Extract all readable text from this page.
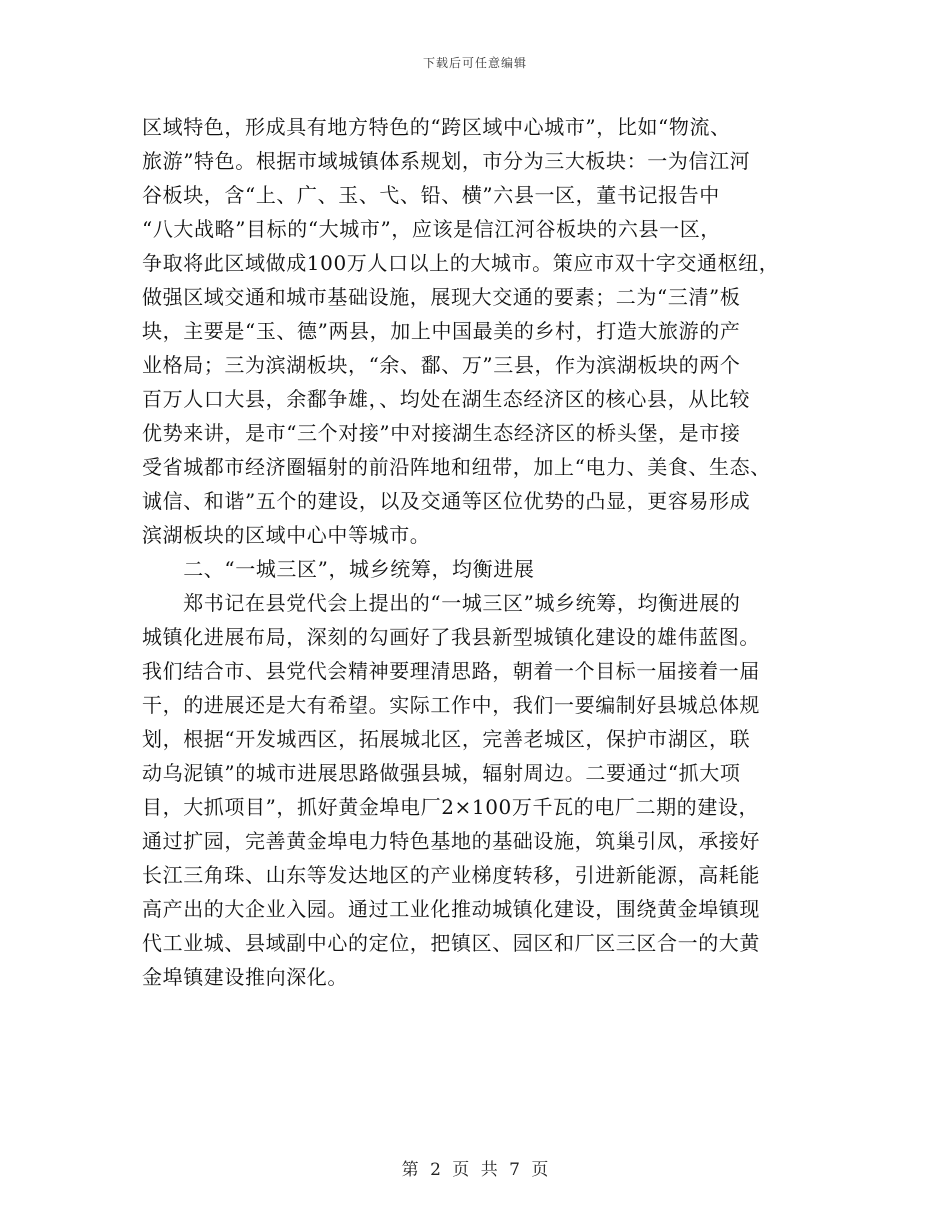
下载后可任意编辑
区域特色，形成具有地方特色的“跨区域中心城市”，比如“物流、
旅游”特色。根据市域城镇体系规划，市分为三大板块：一为信江河
谷板块，含“上、广、玉、弋、铅、横”六县一区，董书记报告中
“八大战略”目标的“大城市”，应该是信江河谷板块的六县一区，
争取将此区域做成100万人口以上的大城市。策应市双十字交通枢纽，
做强区域交通和城市基础设施，展现大交通的要素；二为“三清”板
块，主要是“玉、德”两县，加上中国最美的乡村，打造大旅游的产
业格局；三为滨湖板块，“余、鄱、万”三县，作为滨湖板块的两个
百万人口大县，余鄱争雄，、均处在湖生态经济区的核心县，从比较
优势来讲，是市“三个对接”中对接湖生态经济区的桥头堡，是市接
受省城都市经济圈辐射的前沿阵地和纽带，加上“电力、美食、生态、
诚信、和谐”五个的建设，以及交通等区位优势的凸显，更容易形成
滨湖板块的区域中心中等城市。
　　二、“一城三区”，城乡统筹，均衡进展
　　郑书记在县党代会上提出的“一城三区”城乡统筹，均衡进展的
城镇化进展布局，深刻的勾画好了我县新型城镇化建设的雄伟蓝图。
我们结合市、县党代会精神要理清思路，朝着一个目标一届接着一届
干，的进展还是大有希望。实际工作中，我们一要编制好县城总体规
划，根据“开发城西区，拓展城北区，完善老城区，保护市湖区，联
动乌泥镇”的城市进展思路做强县城，辐射周边。二要通过“抓大项
目，大抓项目”，抓好黄金埠电厂2×100万千瓦的电厂二期的建设，
通过扩园，完善黄金埠电力特色基地的基础设施，筑巢引凤，承接好
长江三角珠、山东等发达地区的产业梯度转移，引进新能源，高耗能
高产出的大企业入园。通过工业化推动城镇化建设，围绕黄金埠镇现
代工业城、县域副中心的定位，把镇区、园区和厂区三区合一的大黄
金埠镇建设推向深化。
第 2 页 共 7 页
